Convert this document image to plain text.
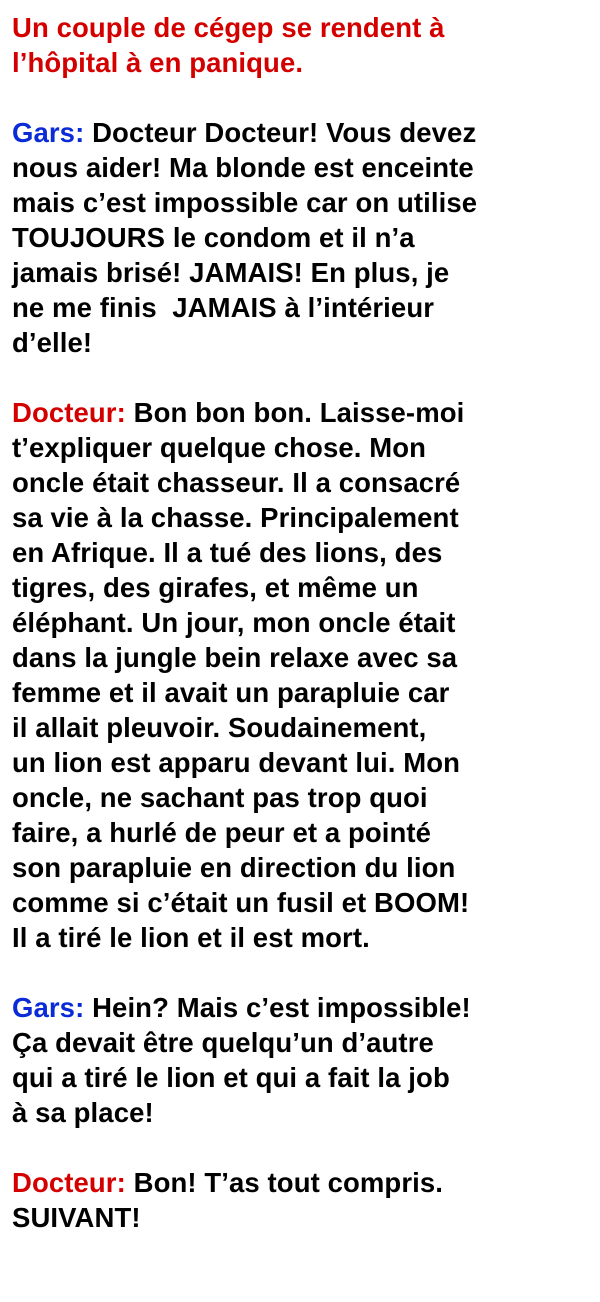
Un couple de cégep se rendent à
l’hôpital à en panique.
Gars: Docteur Docteur! Vous devez
nous aider! Ma blonde est enceinte
mais c’est impossible car on utilise
TOUJOURS le condom et il n’a
jamais brisé! JAMAIS! En plus, je
ne me finis  JAMAIS à l’intérieur
d’elle!
Docteur: Bon bon bon. Laisse-moi
t’expliquer quelque chose. Mon
oncle était chasseur. Il a consacré
sa vie à la chasse. Principalement
en Afrique. Il a tué des lions, des
tigres, des girafes, et même un
éléphant. Un jour, mon oncle était
dans la jungle bein relaxe avec sa
femme et il avait un parapluie car
il allait pleuvoir. Soudainement,
un lion est apparu devant lui. Mon
oncle, ne sachant pas trop quoi
faire, a hurlé de peur et a pointé
son parapluie en direction du lion
comme si c’était un fusil et BOOM!
Il a tiré le lion et il est mort.
Gars: Hein? Mais c’est impossible!
Ça devait être quelqu’un d’autre
qui a tiré le lion et qui a fait la job
à sa place!
Docteur: Bon! T’as tout compris.
SUIVANT!
